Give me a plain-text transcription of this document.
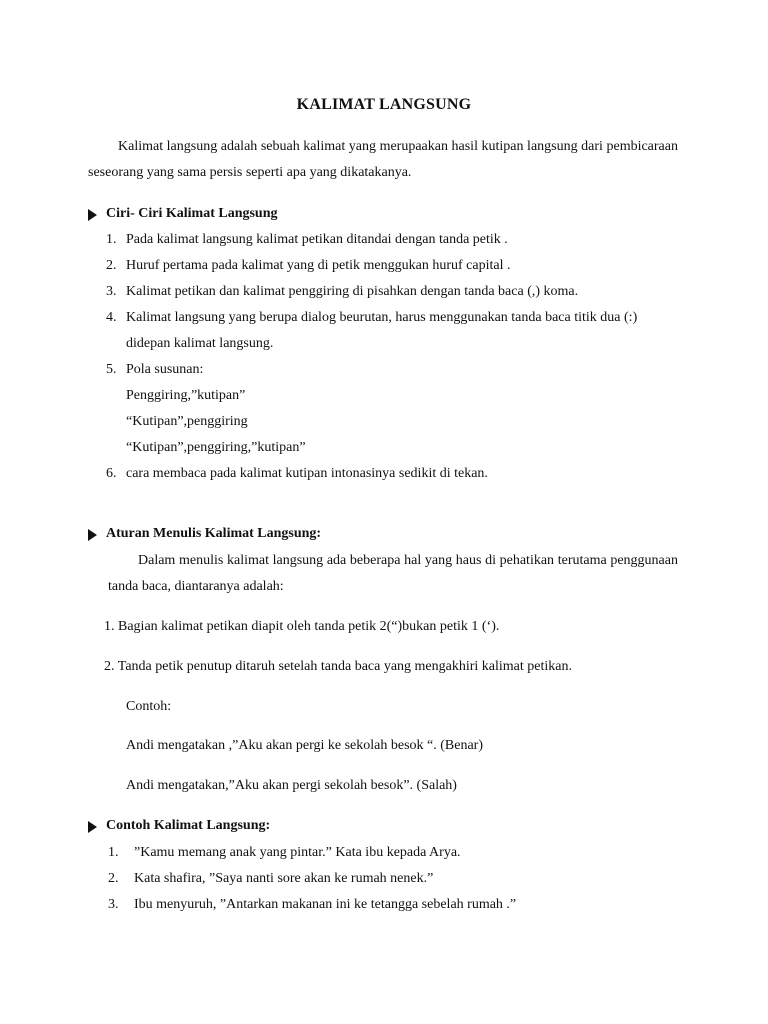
KALIMAT LANGSUNG
Kalimat langsung adalah sebuah kalimat yang merupaakan hasil kutipan langsung dari pembicaraan seseorang yang sama persis seperti apa yang dikatakanya.
Ciri- Ciri Kalimat Langsung
1. Pada kalimat langsung kalimat petikan ditandai dengan tanda petik .
2. Huruf pertama pada kalimat yang di petik menggukan huruf capital .
3. Kalimat petikan dan kalimat penggiring di pisahkan dengan tanda baca (,) koma.
4. Kalimat langsung yang berupa dialog beurutan, harus menggunakan tanda baca titik dua (:)
didepan kalimat langsung.
5. Pola susunan:
Penggiring,”kutipan”
“Kutipan”,penggiring
“Kutipan”,penggiring,”kutipan”
6. cara membaca pada kalimat kutipan intonasinya sedikit di tekan.
Aturan Menulis Kalimat Langsung:
Dalam menulis kalimat langsung ada beberapa hal yang haus di pehatikan terutama penggunaan tanda baca, diantaranya adalah:
1. Bagian kalimat petikan diapit oleh tanda petik 2(“)bukan petik 1 (‘).
2. Tanda petik penutup ditaruh setelah tanda baca yang mengakhiri kalimat petikan.
Contoh:
Andi mengatakan ,”Aku akan pergi ke sekolah besok “. (Benar)
Andi mengatakan,”Aku akan pergi sekolah besok”. (Salah)
Contoh Kalimat Langsung:
1. ”Kamu memang anak yang pintar.” Kata ibu kepada Arya.
2. Kata shafira, ”Saya nanti sore akan ke rumah nenek.”
3. Ibu menyuruh, ”Antarkan makanan ini ke tetangga sebelah rumah .”
